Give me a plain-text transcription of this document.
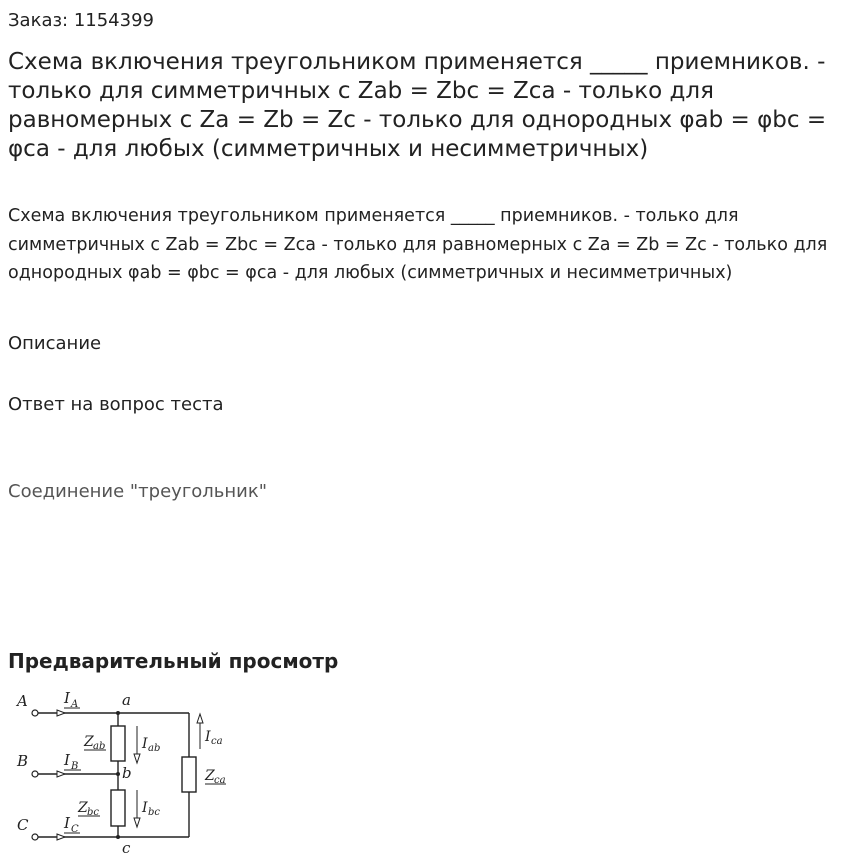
Заказ: 1154399
Схема включения треугольником применяется _____ приемников. - только для симметричных с Zab = Zbc = Zca - только для равномерных с Za = Zb = Zc - только для однородных φab = φbc = φca - для любых (симметричных и несимметричных)

Схема включения треугольником применяется _____ приемников. - только для симметричных с Zab = Zbc = Zca - только для равномерных с Za = Zb = Zc - только для однородных φab = φbc = φca - для любых (симметричных и несимметричных)

Описание
Ответ на вопрос теста
Соединение "треугольник"
Предварительный просмотр
A
B
C
a
b
c
I A
I B
I C
I ab
I bc
I ca
Z ab
Z bc
Z ca
